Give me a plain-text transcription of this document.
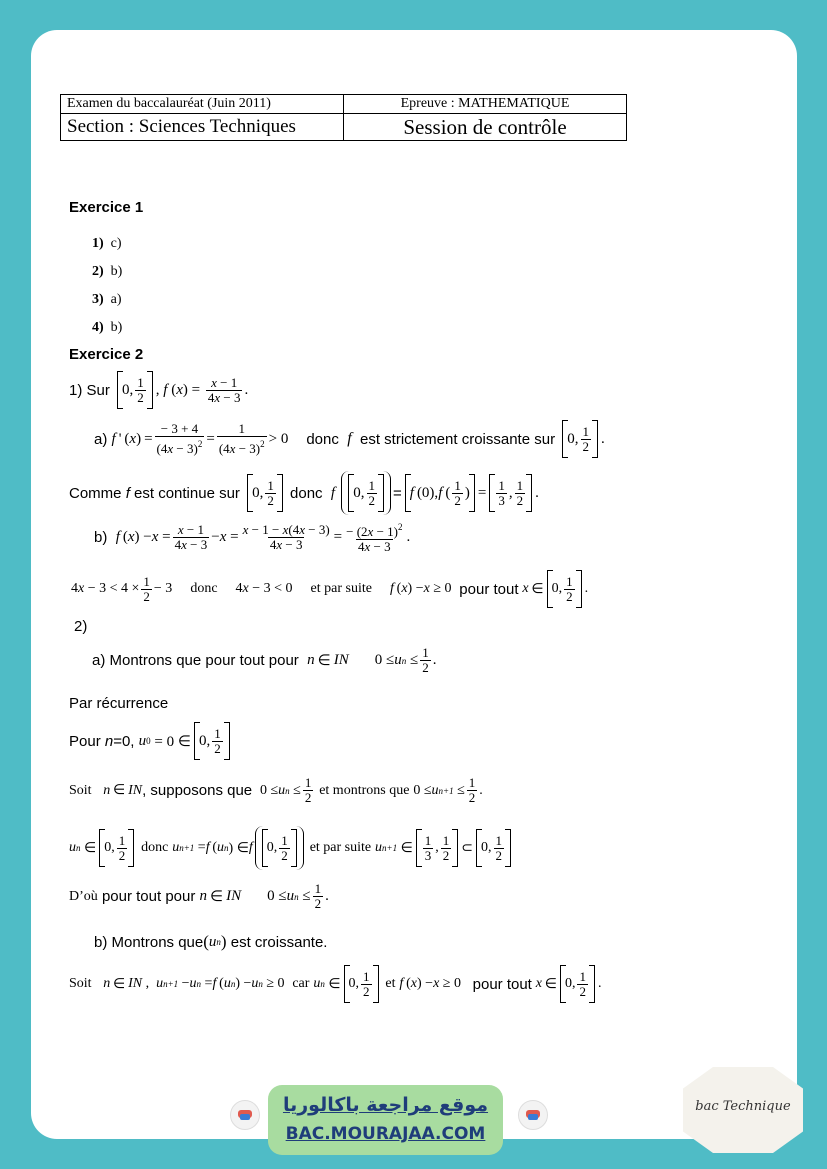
Examen du baccalauréat (Juin 2011)	Epreuve : MATHEMATIQUE
Section : Sciences Techniques	Session de contrôle
Exercice 1
1) c)
2) b)
3) a)
4) b)
Exercice 2
1) Sur
0, $\frac{1}{2}$ , f ( x ) = $\frac{x - 1}{4x - 3}$ .
a)
f  ' ( x ) = $\frac{- 3 + 4}{(4x - 3)^2} = \frac{1}{(4x - 3)^2} > 0$ donc
f
est strictement croissante sur
0, $\frac{1}{2}$ .
Comme
f
est continue sur
0, $\frac{1}{2}$
donc
f
0, $\frac{1}{2} = f$  (0), f  ( $\frac{1}{2}$ ) = $\frac{1}{3}$ , $\frac{1}{2}$ .
b)
f  ( x ) − $x = \frac{x - 1}{4x - 3} - x = \frac{x - 1 - x(4x - 3)}{4x - 3} = \frac{- (2x - 1)^2}{4x - 3}$ .
4 $x - 3 < 4 \times \frac{1}{2} - 3$ donc 4 x − 3 < 0 et par suite f  ( x ) − x ≥ 0
pour tout
x  ∈ 0, $\frac{1}{2}$ .
2)
a) Montrons que pour tout pour
n  ∈  IN 0 ≤ u $n \le \frac{1}{2}$ .
Par récurrence
Pour
n =0,
u 0 = 0 ∈ 0, $\frac{1}{2}$
Soit
n  ∈  IN , supposons que
0 ≤ u $n \le \frac{1}{2}$
et montrons que
0 ≤ u $n+1 \le \frac{1}{2}$ .
u n ∈ 0, $\frac{1}{2}$
donc
u n+1 = f  ( u n ) ∈ f 0, $\frac{1}{2}$
et par suite
u n+1 ∈ $\frac{1}{3}$ , $\frac{1}{2}$ ⊂ 0, $\frac{1}{2}$
D’où
pour tout pour
n  ∈  IN 0 ≤ u $n \le \frac{1}{2}$ .
b) Montrons que ( u n )
est croissante.
Soit
n  ∈  IN , u n+1 − u n = f  ( u n ) − u n ≥ 0
car
u n ∈ 0, $\frac{1}{2}$
et
f  ( x ) − x ≥ 0
pour tout
x  ∈ 0, $\frac{1}{2}$ .
موقع مراجعة باكالوريا
BAC.MOURAJAA.COM
bac Technique
